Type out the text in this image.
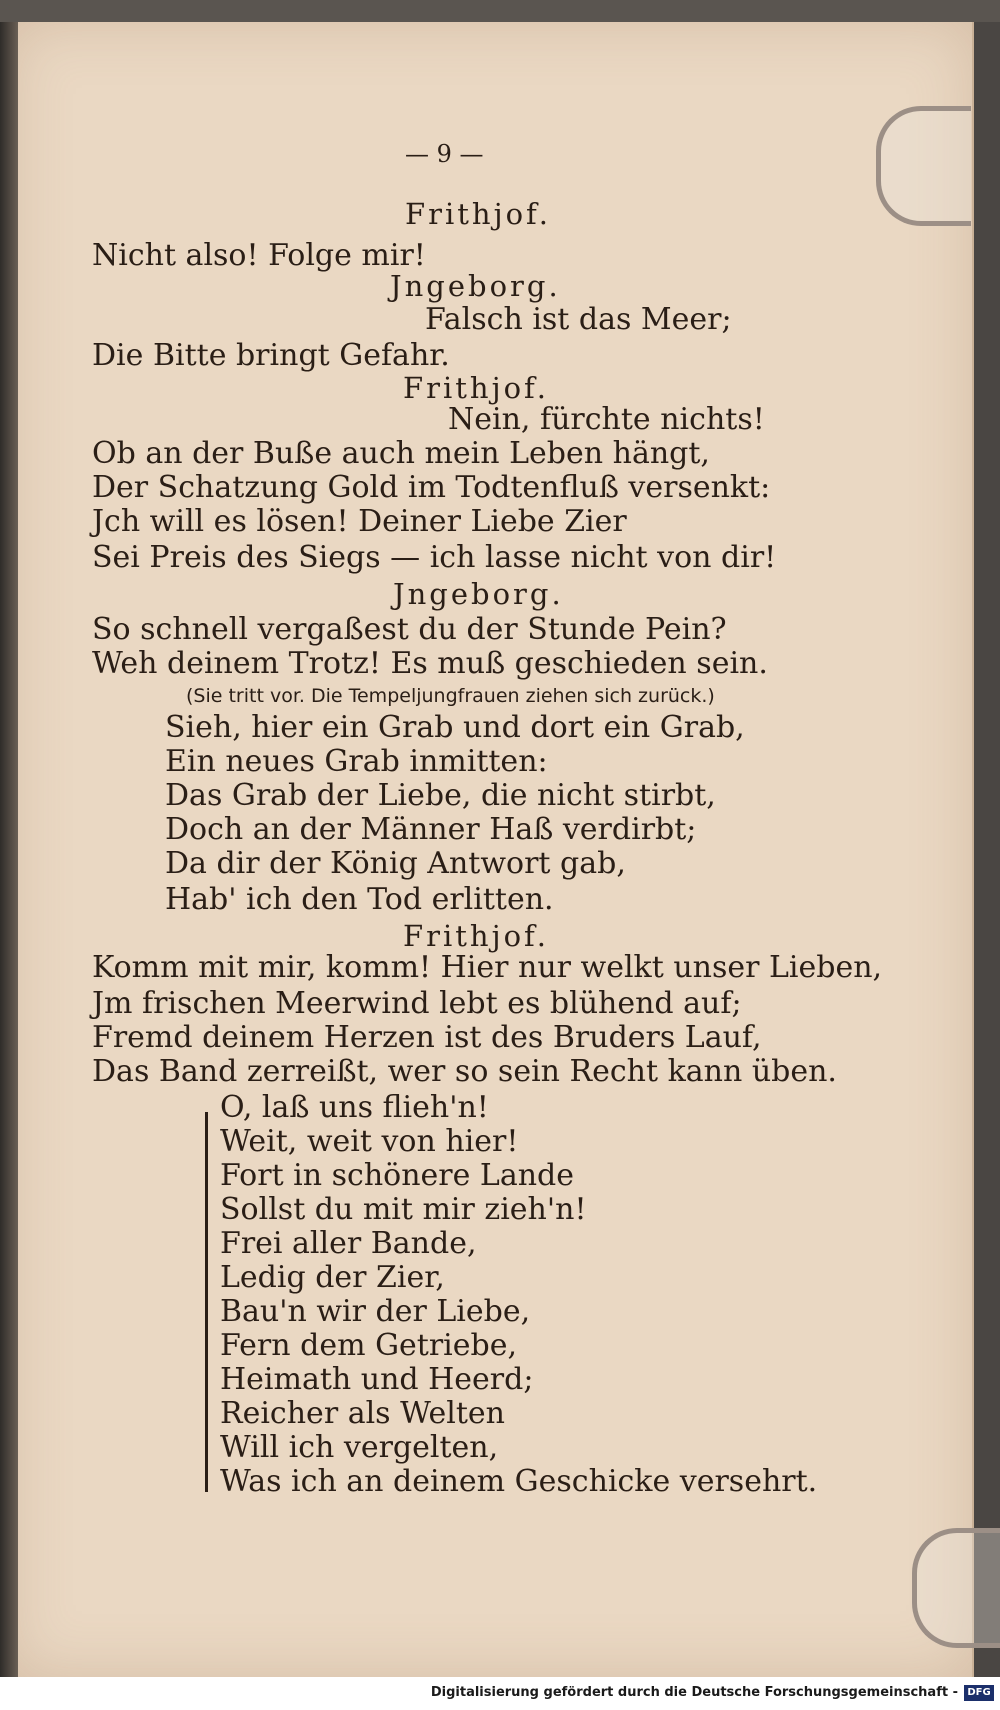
— 9 —
Frithjof.
Nicht also! Folge mir!
Jngeborg.
Falsch ist das Meer;
Die Bitte bringt Gefahr.
Frithjof.
Nein, fürchte nichts!
Ob an der Buße auch mein Leben hängt,
Der Schatzung Gold im Todtenfluß versenkt:
Jch will es lösen! Deiner Liebe Zier
Sei Preis des Siegs — ich lasse nicht von dir!
Jngeborg.
So schnell vergaßest du der Stunde Pein?
Weh deinem Trotz! Es muß geschieden sein.
(Sie tritt vor. Die Tempeljungfrauen ziehen sich zurück.)
Sieh, hier ein Grab und dort ein Grab,
Ein neues Grab inmitten:
Das Grab der Liebe, die nicht stirbt,
Doch an der Männer Haß verdirbt;
Da dir der König Antwort gab,
Hab' ich den Tod erlitten.
Frithjof.
Komm mit mir, komm! Hier nur welkt unser Lieben,
Jm frischen Meerwind lebt es blühend auf;
Fremd deinem Herzen ist des Bruders Lauf,
Das Band zerreißt, wer so sein Recht kann üben.
O, laß uns flieh'n!
Weit, weit von hier!
Fort in schönere Lande
Sollst du mit mir zieh'n!
Frei aller Bande,
Ledig der Zier,
Bau'n wir der Liebe,
Fern dem Getriebe,
Heimath und Heerd;
Reicher als Welten
Will ich vergelten,
Was ich an deinem Geschicke versehrt.
Digitalisierung gefördert durch die Deutsche Forschungsgemeinschaft - DFG
